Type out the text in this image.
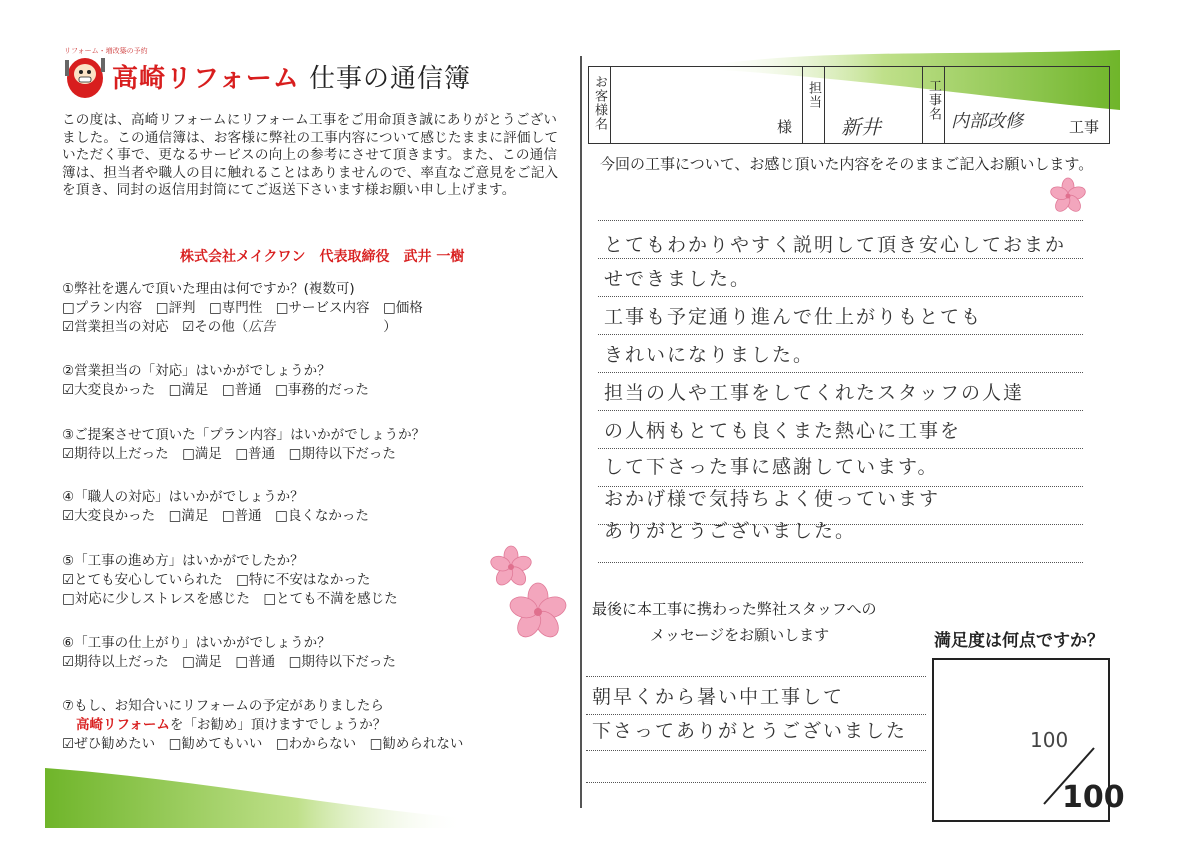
リフォーム・増改築の予約
高崎リフォーム 仕事の通信簿
この度は、高崎リフォームにリフォーム工事をご用命頂き誠にありがとうございました。この通信簿は、お客様に弊社の工事内容について感じたままに評価していただく事で、更なるサービスの向上の参考にさせて頂きます。また、この通信簿は、担当者や職人の目に触れることはありませんので、率直なご意見をご記入を頂き、同封の返信用封筒にてご返送下さいます様お願い申し上げます。
株式会社メイクワン　代表取締役　武井 一樹
①弊社を選んで頂いた理由は何ですか？(複数可)
□プラン内容　□評判　□専門性　□サービス内容　□価格
☑営業担当の対応　☑その他（広告　　　　　　　　）
②営業担当の「対応」はいかがでしょうか？
☑大変良かった　□満足　□普通　□事務的だった
③ご提案させて頂いた「プラン内容」はいかがでしょうか？
☑期待以上だった　□満足　□普通　□期待以下だった
④「職人の対応」はいかがでしょうか？
☑大変良かった　□満足　□普通　□良くなかった
⑤「工事の進め方」はいかがでしたか？
☑とても安心していられた　□特に不安はなかった
□対応に少しストレスを感じた　□とても不満を感じた
⑥「工事の仕上がり」はいかがでしょうか？
☑期待以上だった　□満足　□普通　□期待以下だった
⑦もし、お知合いにリフォームの予定がありましたら
高崎リフォームを「お勧め」頂けますでしょうか？
☑ぜひ勧めたい　□勧めてもいい　□わからない　□勧められない
お客様名	様
担当
新井
工事名
内部改修	工事
今回の工事について、お感じ頂いた内容をそのままご記入お願いします。
とてもわかりやすく説明して頂き安心しておまか
せできました。
工事も予定通り進んで仕上がりもとても
きれいになりました。
担当の人や工事をしてくれたスタッフの人達
の人柄もとても良くまた熱心に工事を
して下さった事に感謝しています。
おかげ様で気持ちよく使っています
ありがとうございました。
最後に本工事に携わった弊社スタッフへの
メッセージをお願いします
朝早くから暑い中工事して
下さってありがとうございました
満足度は何点ですか？
100
100
